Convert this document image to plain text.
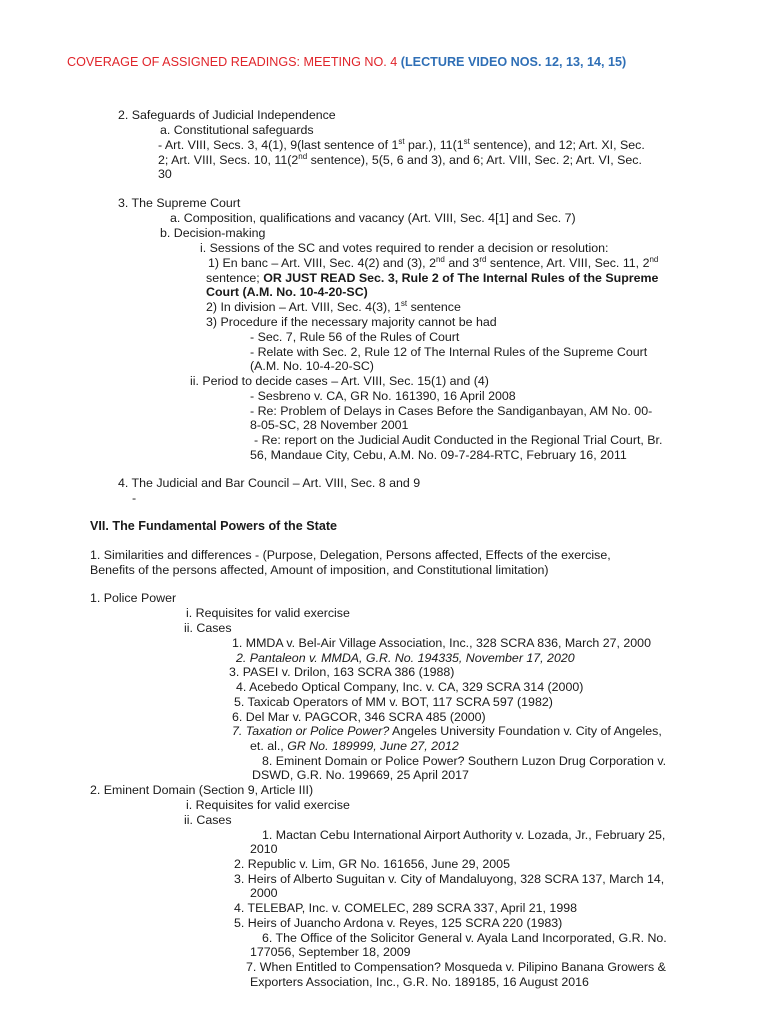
COVERAGE OF ASSIGNED READINGS: MEETING NO. 4 (LECTURE VIDEO NOS. 12, 13, 14, 15)
2. Safeguards of Judicial Independence
a. Constitutional safeguards
- Art. VIII, Secs. 3, 4(1), 9(last sentence of 1st par.), 11(1st sentence), and 12; Art. XI, Sec.
2; Art. VIII, Secs. 10, 11(2nd sentence), 5(5, 6 and 3), and 6; Art. VIII, Sec. 2; Art. VI, Sec.
30
3. The Supreme Court
a. Composition, qualifications and vacancy (Art. VIII, Sec. 4[1] and Sec. 7)
b. Decision-making
i. Sessions of the SC and votes required to render a decision or resolution:
1) En banc – Art. VIII, Sec. 4(2) and (3), 2nd and 3rd sentence, Art. VIII, Sec. 11, 2nd
sentence; OR JUST READ Sec. 3, Rule 2 of The Internal Rules of the Supreme
Court (A.M. No. 10-4-20-SC)
2) In division – Art. VIII, Sec. 4(3), 1st sentence
3) Procedure if the necessary majority cannot be had
- Sec. 7, Rule 56 of the Rules of Court
- Relate with Sec. 2, Rule 12 of The Internal Rules of the Supreme Court
(A.M. No. 10-4-20-SC)
ii. Period to decide cases – Art. VIII, Sec. 15(1) and (4)
- Sesbreno v. CA, GR No. 161390, 16 April 2008
- Re: Problem of Delays in Cases Before the Sandiganbayan, AM No. 00-
8-05-SC, 28 November 2001
- Re: report on the Judicial Audit Conducted in the Regional Trial Court, Br.
56, Mandaue City, Cebu, A.M. No. 09-7-284-RTC, February 16, 2011
4. The Judicial and Bar Council – Art. VIII, Sec. 8 and 9
-
VII. The Fundamental Powers of the State
1. Similarities and differences - (Purpose, Delegation, Persons affected, Effects of the exercise,
Benefits of the persons affected, Amount of imposition, and Constitutional limitation)
1. Police Power
i. Requisites for valid exercise
ii. Cases
1. MMDA v. Bel-Air Village Association, Inc., 328 SCRA 836, March 27, 2000
2. Pantaleon v. MMDA, G.R. No. 194335, November 17, 2020
3. PASEI v. Drilon, 163 SCRA 386 (1988)
4. Acebedo Optical Company, Inc. v. CA, 329 SCRA 314 (2000)
5. Taxicab Operators of MM v. BOT, 117 SCRA 597 (1982)
6. Del Mar v. PAGCOR, 346 SCRA 485 (2000)
7. Taxation or Police Power? Angeles University Foundation v. City of Angeles,
et. al., GR No. 189999, June 27, 2012
8. Eminent Domain or Police Power? Southern Luzon Drug Corporation v.
DSWD, G.R. No. 199669, 25 April 2017
2. Eminent Domain (Section 9, Article III)
i. Requisites for valid exercise
ii. Cases
1. Mactan Cebu International Airport Authority v. Lozada, Jr., February 25,
2010
2. Republic v. Lim, GR No. 161656, June 29, 2005
3. Heirs of Alberto Suguitan v. City of Mandaluyong, 328 SCRA 137, March 14,
2000
4. TELEBAP, Inc. v. COMELEC, 289 SCRA 337, April 21, 1998
5. Heirs of Juancho Ardona v. Reyes, 125 SCRA 220 (1983)
6. The Office of the Solicitor General v. Ayala Land Incorporated, G.R. No.
177056, September 18, 2009
7. When Entitled to Compensation? Mosqueda v. Pilipino Banana Growers &
Exporters Association, Inc., G.R. No. 189185, 16 August 2016
